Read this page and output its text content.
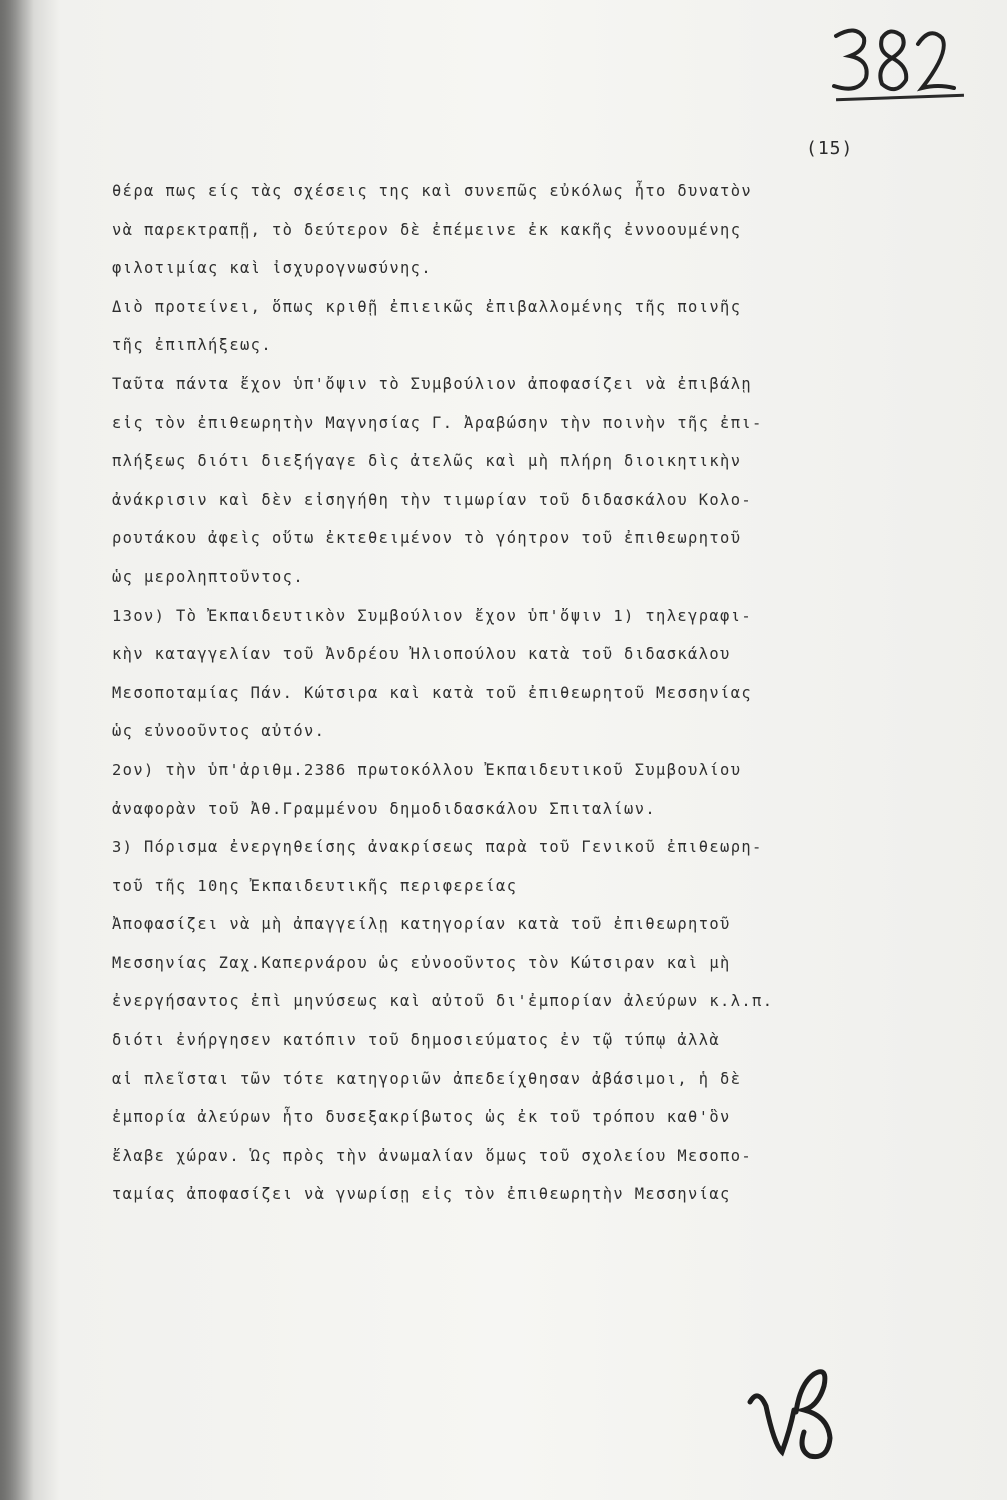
(15)
θέρα πως είς τὰς σχέσεις της καὶ συνεπῶς εὐκόλως ἦτο δυνατὸν
νὰ παρεκτραπῇ, τὸ δεύτερον δὲ ἐπέμεινε ἐκ κακῆς ἐννοουμένης
φιλοτιμίας καὶ ἰσχυρογνωσύνης.
Διὸ προτείνει, ὅπως κριθῇ ἐπιεικῶς ἐπιβαλλομένης τῆς ποινῆς
τῆς ἐπιπλήξεως.
Ταῦτα πάντα ἔχον ὑπ'ὄψιν τὸ Συμβούλιον ἀποφασίζει νὰ ἐπιβάλῃ
εἰς τὸν ἐπιθεωρητὴν Μαγνησίας Γ. Ἀραβώσην τὴν ποινὴν τῆς ἐπι-
πλήξεως διότι διεξήγαγε δὶς ἀτελῶς καὶ μὴ πλήρη διοικητικὴν
ἀνάκρισιν καὶ δὲν εἰσηγήθη τὴν τιμωρίαν τοῦ διδασκάλου Κολο-
ρουτάκου ἀφεὶς οὕτω ἐκτεθειμένον τὸ γόητρον τοῦ ἐπιθεωρητοῦ
ὡς μεροληπτοῦντος.
13ον) Τὸ Ἐκπαιδευτικὸν Συμβούλιον ἔχον ὑπ'ὄψιν 1) τηλεγραφι-
κὴν καταγγελίαν τοῦ Ἀνδρέου Ἠλιοπούλου κατὰ τοῦ διδασκάλου
Μεσοποταμίας Πάν. Κώτσιρα καὶ κατὰ τοῦ ἐπιθεωρητοῦ Μεσσηνίας
ὡς εὐνοοῦντος αὐτόν.
2ον) τὴν ὑπ'ἀριθμ.2386 πρωτοκόλλου Ἐκπαιδευτικοῦ Συμβουλίου
ἀναφορὰν τοῦ Ἀθ.Γραμμένου δημοδιδασκάλου Σπιταλίων.
3) Πόρισμα ἐνεργηθείσης ἀνακρίσεως παρὰ τοῦ Γενικοῦ ἐπιθεωρη-
τοῦ τῆς 10ης Ἐκπαιδευτικῆς περιφερείας
Ἀποφασίζει νὰ μὴ ἀπαγγείλῃ κατηγορίαν κατὰ τοῦ ἐπιθεωρητοῦ
Μεσσηνίας Ζαχ.Καπερνάρου ὡς εὐνοοῦντος τὸν Κώτσιραν καὶ μὴ
ἐνεργήσαντος ἐπὶ μηνύσεως καὶ αὐτοῦ δι'ἐμπορίαν ἀλεύρων κ.λ.π.
διότι ἐνήργησεν κατόπιν τοῦ δημοσιεύματος ἐν τῷ τύπῳ ἀλλὰ
αἱ πλεῖσται τῶν τότε κατηγοριῶν ἀπεδείχθησαν ἀβάσιμοι, ἡ δὲ
ἐμπορία ἀλεύρων ἦτο δυσεξακρίβωτος ὡς ἐκ τοῦ τρόπου καθ'ὃν
ἔλαβε χώραν. Ὡς πρὸς τὴν ἀνωμαλίαν ὅμως τοῦ σχολείου Μεσοπο-
ταμίας ἀποφασίζει νὰ γνωρίσῃ εἰς τὸν ἐπιθεωρητὴν Μεσσηνίας
